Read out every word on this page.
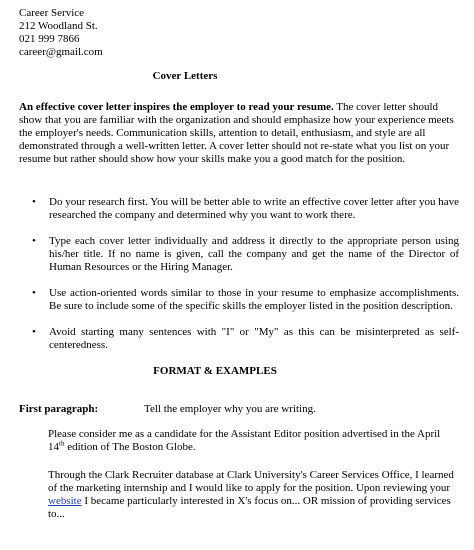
Career Service
212 Woodland St.
021 999 7866
career@gmail.com
Cover Letters
An effective cover letter inspires the employer to read your resume. The cover letter should show that you are familiar with the organization and should emphasize how your experience meets the employer's needs. Communication skills, attention to detail, enthusiasm, and style are all demonstrated through a well-written letter. A cover letter should not re-state what you list on your resume but rather should show how your skills make you a good match for the position.
• Do your research first. You will be better able to write an effective cover letter after you have researched the company and determined why you want to work there.
• Type each cover letter individually and address it directly to the appropriate person using his/her title. If no name is given, call the company and get the name of the Director of Human Resources or the Hiring Manager.
• Use action-oriented words similar to those in your resume to emphasize accomplishments. Be sure to include some of the specific skills the employer listed in the position description.
• Avoid starting many sentences with "I" or "My" as this can be misinterpreted as self-centeredness.
FORMAT & EXAMPLES
First paragraph:	Tell the employer why you are writing.
Please consider me as a candidate for the Assistant Editor position advertised in the April 14th edition of The Boston Globe.
Through the Clark Recruiter database at Clark University's Career Services Office, I learned of the marketing internship and I would like to apply for the position. Upon reviewing your website I became particularly interested in X's focus on... OR mission of providing services to...
